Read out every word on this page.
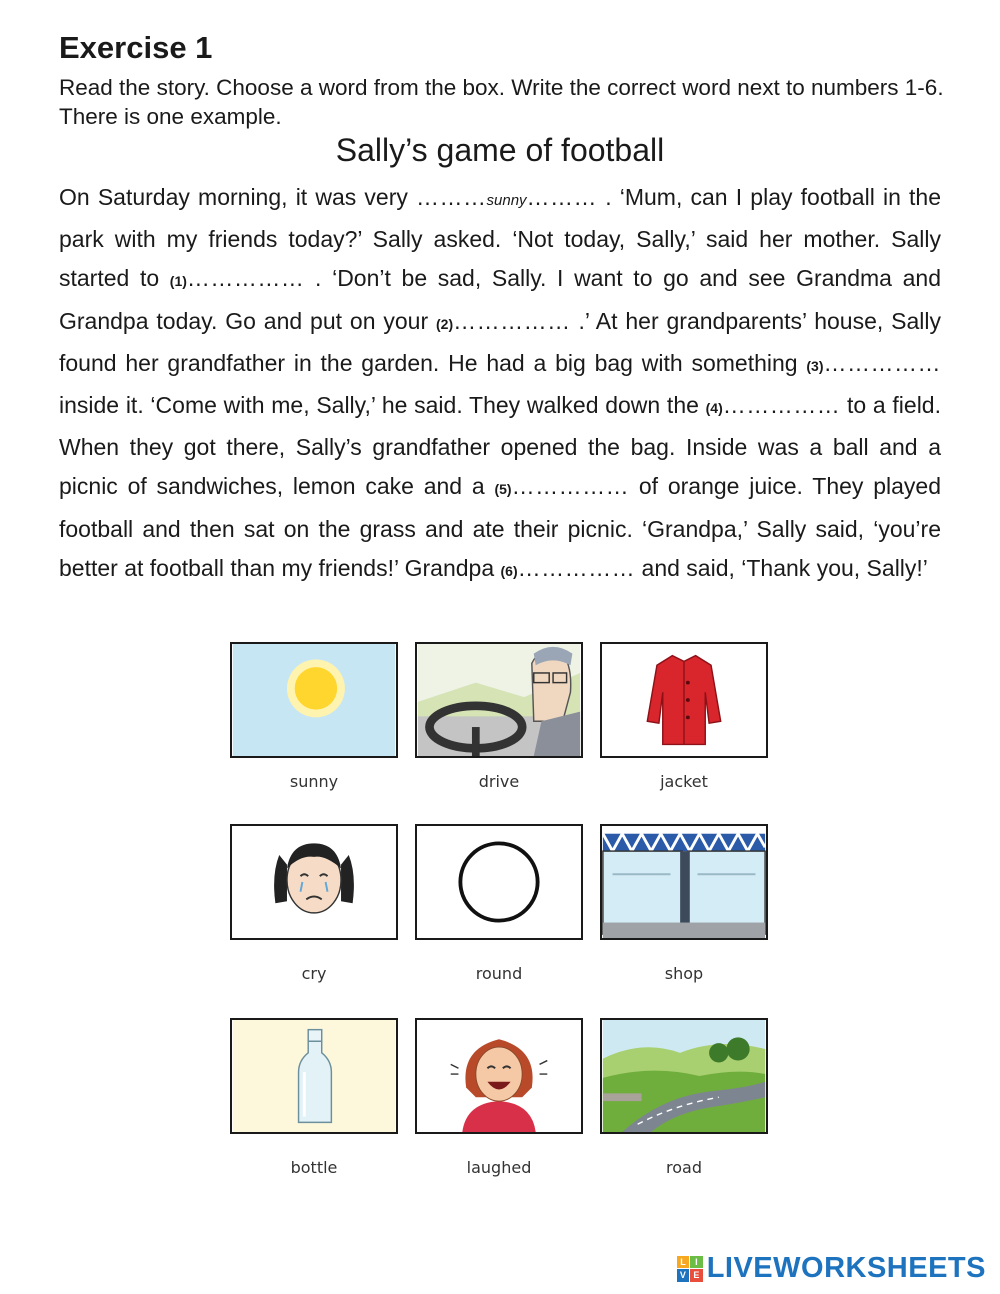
Exercise 1
Read the story. Choose a word from the box. Write the correct word next to numbers 1-6. There is one example.
Sally’s game of football
On Saturday morning, it was very ………sunny……… . ‘Mum, can I play football in the park with my friends today?’ Sally asked. ‘Not today, Sally,’ said her mother. Sally started to (1)…………… . ‘Don’t be sad, Sally. I want to go and see Grandma and Grandpa today. Go and put on your (2)…………… .’ At her grandparents’ house, Sally found her grandfather in the garden. He had a big bag with something (3)…………… inside it. ‘Come with me, Sally,’ he said. They walked down the (4)…………… to a field. When they got there, Sally’s grandfather opened the bag. Inside was a ball and a picnic of sandwiches, lemon cake and a (5)…………… of orange juice. They played football and then sat on the grass and ate their picnic. ‘Grandpa,’ Sally said, ‘you’re better at football than my friends!’ Grandpa (6)…………… and said, ‘Thank you, Sally!’
sunny	drive	jacket
cry	round	shop
bottle	laughed	road
L	I
V E LIVEWORKSHEETS
